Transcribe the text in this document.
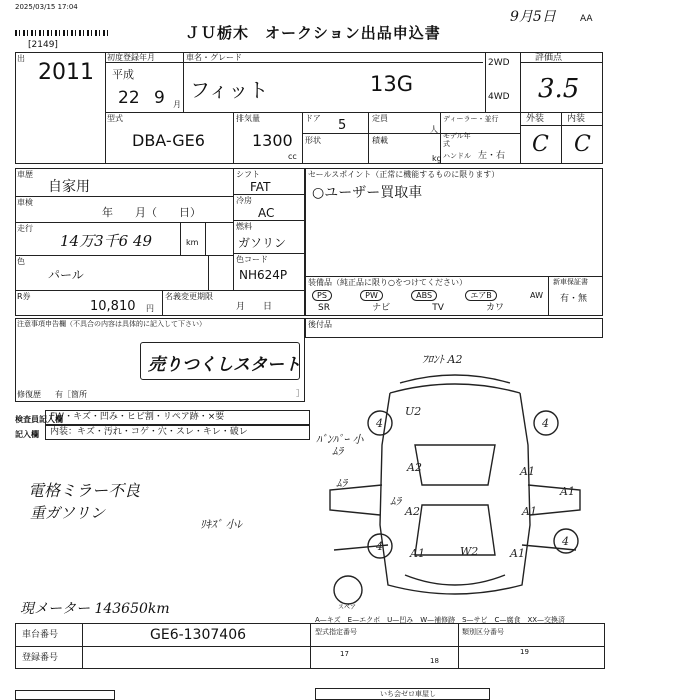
2025/03/15 17:04
[2149]
ＪＵ栃木　オークション出品申込書
9月5日	AA
出
2011
初度登録年月
平成
22 9 月
車名・グレード
フィット	13G
2WD
4WD
評価点
3.5
型式
DBA-GE6
排気量
1300
cc
ドア 5	定員
人
形状	積載
kg
ディーラー・並行
モデル年式
ハンドル 左・右
外装	内装
C C
車歴
自家用
車検
年　　月（　　日）
走行
14万3千6 49	km
色
パール
シフト
FAT
冷房
AC
燃料
ガソリン
色コード
NH624P
R券
10,810 円
名義変更期限
月　　日
セールスポイント（正常に機能するものに限ります）
○ユーザー買取車
装備品（純正品に限り○をつけてください）	新車保証書
有・無
PS	PW	ABS	エアB	AW
SR	ナビ	TV	カワ
注意事項申告欄（不具合の内容は具体的に記入して下さい）
売りつくしスタート
修復歴 有［箇所	］
後付品
検査員記入欄
記入欄
FW・キズ・凹み・ヒビ割・リペア跡・×要
内装：キズ・汚れ・コゲ・穴・スレ・キレ・破レ
電格ミラー不良
重ガソリン
現メーター 143650km
ﾌﾛﾝﾄ A2
U2
A2
A2
A1
A1
A1	A1
W2
4	4
4	4
ﾑﾗ
ﾑﾗ
ﾑﾗ
A1
ﾊﾞﾝﾊﾟｰ 小
ﾘｷｽﾞ 小ﾚ
スペア
A—キズ　E—エクボ　U—凹み　W—補修跡　S—サビ　C—腐食　XX—交換済
車台番号	GE6-1307406
登録番号
型式指定番号	類別区分番号
17
18
19
いち会ゼロ車屋し
